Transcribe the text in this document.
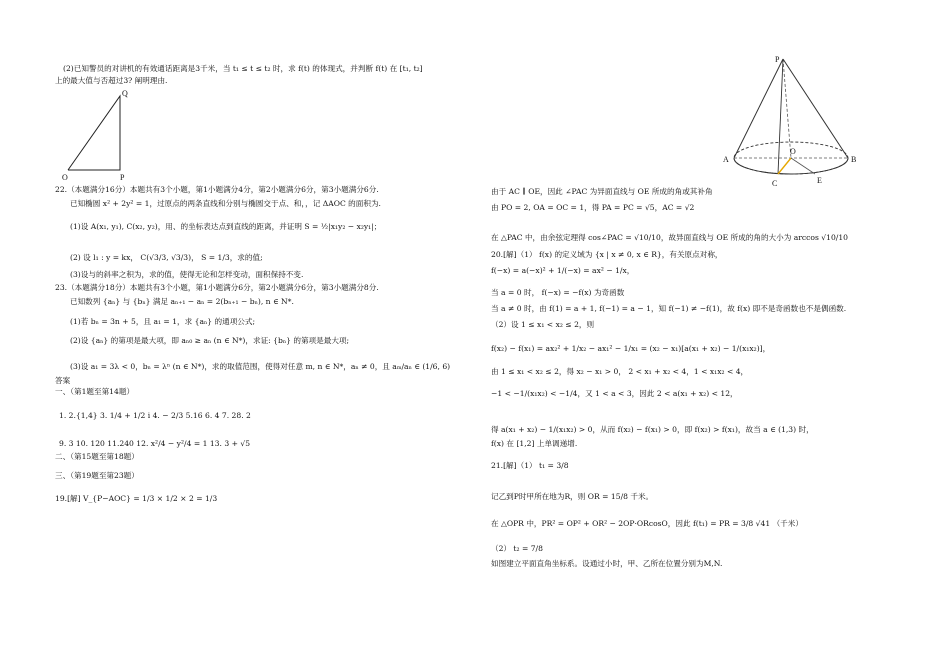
(2)已知警员的对讲机的有效通话距离是3千米，当 t₁ ≤ t ≤ t₂ 时，求 f(t) 的体现式，并判断 f(t) 在 [t₁, t₂]
上的最大值与否超过3? 阐明理由.
Q
O	P
22.（本题满分16分）本题共有3个小题，第1小题满分4分，第2小题满分6分，第3小题满分6分.
已知椭圆 x² + 2y² = 1，过原点的两条直线和分别与椭圆交于点、和，，记 ΔAOC 的面积为.
(1)设 A(x₁, y₁), C(x₂, y₂)，用、的坐标表达点到直线的距离，并证明 S = ½|x₁y₂ − x₂y₁|；
(2) 设 l₁ : y = kx， C(√3/3, √3/3)， S = 1/3，求的值;
(3)设与的斜率之积为，求的值，使得无论和怎样变动，面积保持不变.
23.（本题满分18分）本题共有3个小题，第1小题满分6分，第2小题满分6分，第3小题满分8分.
已知数列 {aₙ} 与 {bₙ} 满足 aₙ₊₁ − aₙ = 2(bₙ₊₁ − bₙ), n ∈ N*.
(1)若 bₙ = 3n + 5，且 a₁ = 1，求 {aₙ} 的通项公式;
(2)设 {aₙ} 的第项是最大项，即 aₙ₀ ≥ aₙ (n ∈ N*)，求证: {bₙ} 的第项是最大项;
(3)设 a₁ = 3λ < 0，bₙ = λⁿ (n ∈ N*)，求的取值范围，使得对任意 m, n ∈ N*，aₙ ≠ 0，且 aₘ/aₙ ∈ (1/6, 6)
答案
一、（第1题至第14题）
1. 2.{1,4} 3. 1/4 + 1/2 i 4. − 2/3 5.16 6. 4 7. 28. 2
9. 3 10. 120 11.240 12. x²/4 − y²/4 = 1 13. 3 + √5
二、（第15题至第18题）
三、（第19题至第23题）
19.[解] V_{P−AOC} = 1/3 × 1/2 × 2 = 1/3
P
A	B
O
C	E
由于 AC ∥ OE，因此 ∠PAC 为异面直线与 OE 所成的角或其补角
由 PO = 2, OA = OC = 1，得 PA = PC = √5，AC = √2
在 △PAC 中，由余弦定理得 cos∠PAC = √10/10，故异面直线与 OE 所成的角的大小为 arccos √10/10
20.[解]（1） f(x) 的定义域为 {x | x ≠ 0, x ∈ R}，有关原点对称，
f(−x) = a(−x)² + 1/(−x) = ax² − 1/x，
当 a = 0 时， f(−x) = −f(x) 为奇函数
当 a ≠ 0 时，由 f(1) = a + 1, f(−1) = a − 1，知 f(−1) ≠ −f(1)，故 f(x) 即不是奇函数也不是偶函数.
（2）设 1 ≤ x₁ < x₂ ≤ 2，则
f(x₂) − f(x₁) = ax₂² + 1/x₂ − ax₁² − 1/x₁ = (x₂ − x₁)[a(x₁ + x₂) − 1/(x₁x₂)]，
由 1 ≤ x₁ < x₂ ≤ 2，得 x₂ − x₁ > 0， 2 < x₁ + x₂ < 4，1 < x₁x₂ < 4，
−1 < −1/(x₁x₂) < −1/4，又 1 < a < 3，因此 2 < a(x₁ + x₂) < 12，
得 a(x₁ + x₂) − 1/(x₁x₂) > 0，从而 f(x₂) − f(x₁) > 0，即 f(x₂) > f(x₁)，故当 a ∈ (1,3) 时，
f(x) 在 [1,2] 上单调递增.
21.[解]（1） t₁ = 3/8
记乙到P时甲所在地为R，则 OR = 15/8 千米。
在 △OPR 中，PR² = OP² + OR² − 2OP·ORcosO，因此 f(t₁) = PR = 3/8 √41 （千米）
（2） t₂ = 7/8
如图建立平面直角坐标系。设通过小时，甲、乙所在位置分别为M,N.
